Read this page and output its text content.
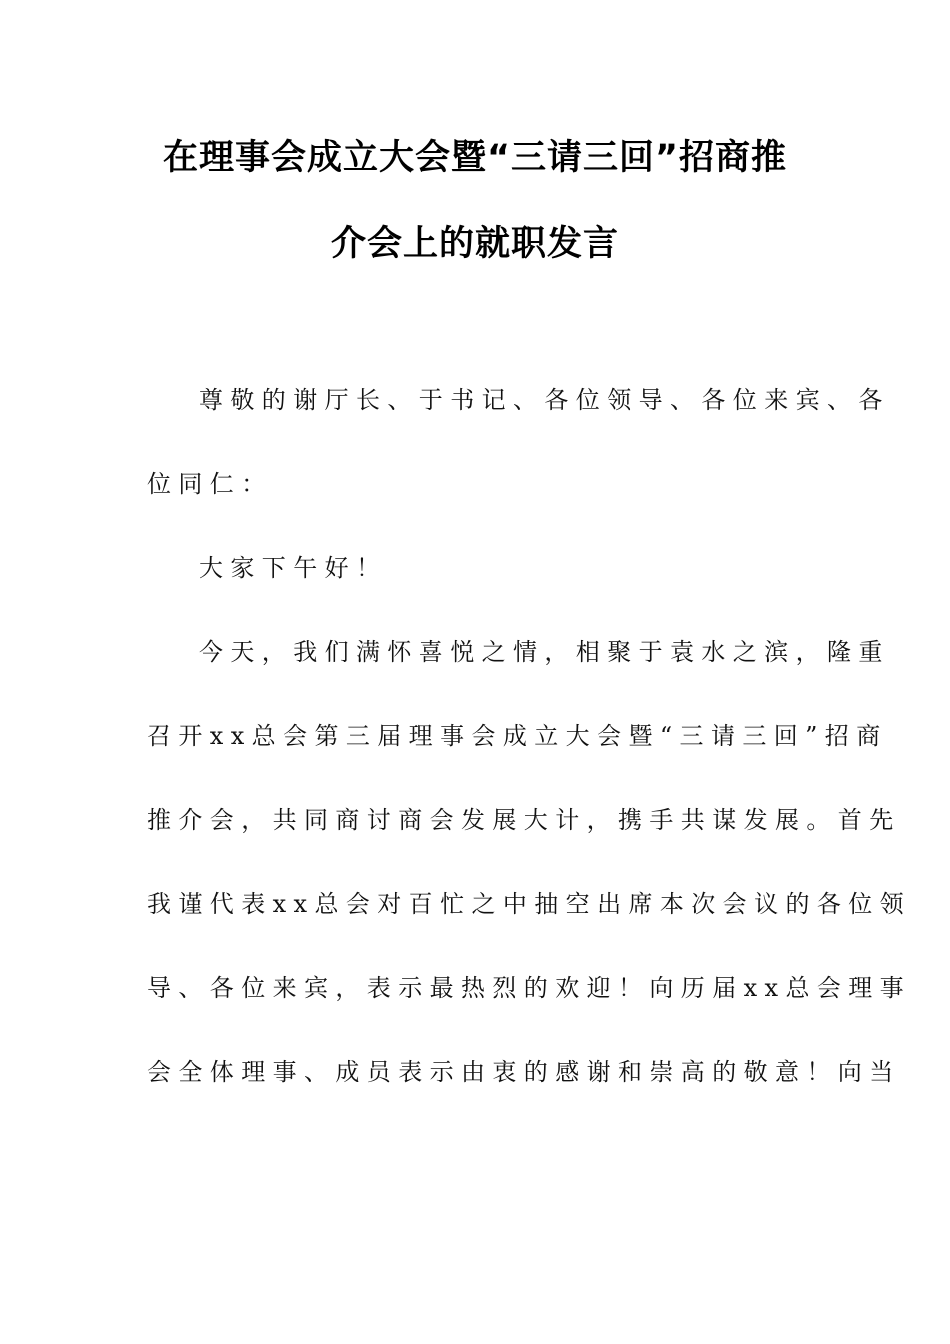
在理事会成立大会暨“三请三回”招商推
介会上的就职发言
尊敬的谢厅长、于书记、各位领导、各位来宾、各
位同仁：
大家下午好！
今天，我们满怀喜悦之情，相聚于袁水之滨，隆重
召开xx总会第三届理事会成立大会暨“三请三回”招商
推介会，共同商讨商会发展大计，携手共谋发展。首先
我谨代表xx总会对百忙之中抽空出席本次会议的各位领
导、各位来宾，表示最热烈的欢迎！向历届xx总会理事
会全体理事、成员表示由衷的感谢和崇高的敬意！向当
